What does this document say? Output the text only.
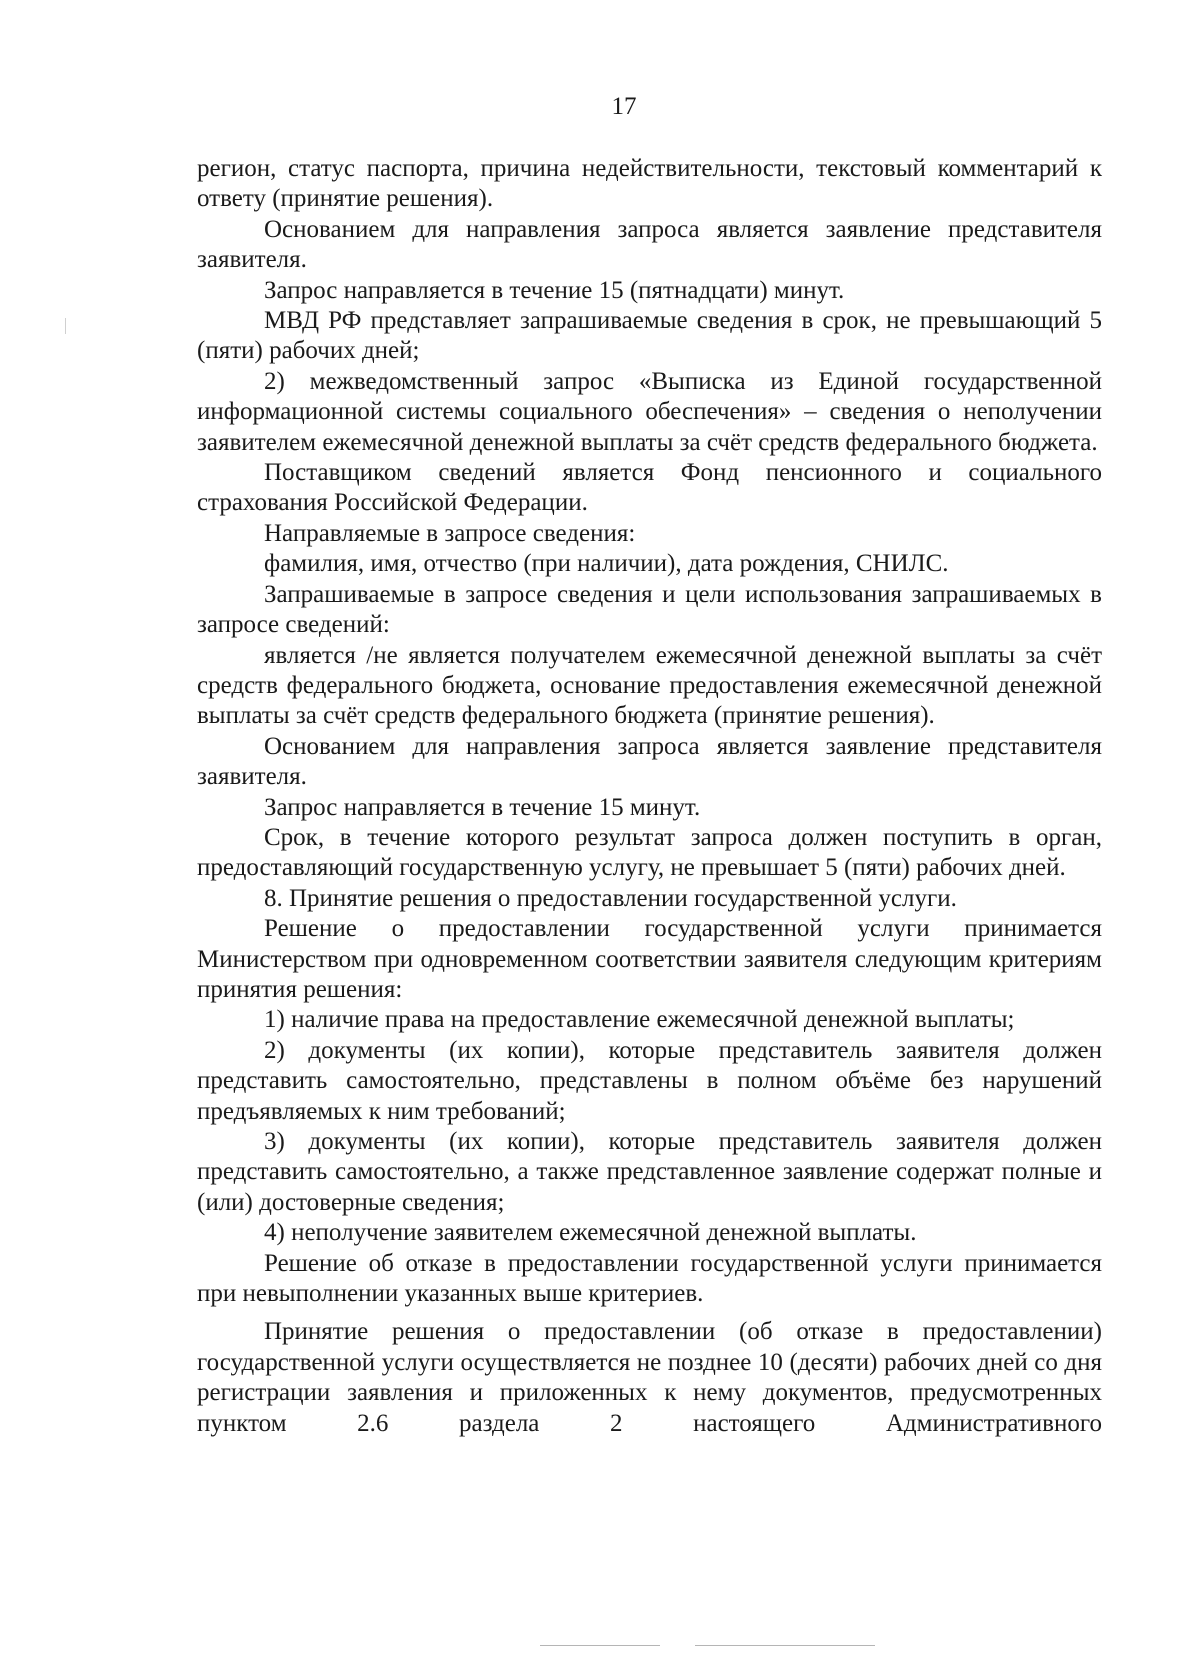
17

регион, статус паспорта, причина недействительности, текстовый комментарий к ответу (принятие решения).

Основанием для направления запроса является заявление представителя заявителя.

Запрос направляется в течение 15 (пятнадцати) минут.

МВД РФ представляет запрашиваемые сведения в срок, не превышающий 5 (пяти) рабочих дней;

2) межведомственный запрос «Выписка из Единой государственной информационной системы социального обеспечения» – сведения о неполучении заявителем ежемесячной денежной выплаты за счёт средств федерального бюджета.

Поставщиком сведений является Фонд пенсионного и социального страхования Российской Федерации.

Направляемые в запросе сведения:

фамилия, имя, отчество (при наличии), дата рождения, СНИЛС.

Запрашиваемые в запросе сведения и цели использования запрашиваемых в запросе сведений:

является /не является получателем ежемесячной денежной выплаты за счёт средств федерального бюджета, основание предоставления ежемесячной денежной выплаты за счёт средств федерального бюджета (принятие решения).

Основанием для направления запроса является заявление представителя заявителя.

Запрос направляется в течение 15 минут.

Срок, в течение которого результат запроса должен поступить в орган, предоставляющий государственную услугу, не превышает 5 (пяти) рабочих дней.

8. Принятие решения о предоставлении государственной услуги.

Решение о предоставлении государственной услуги принимается Министерством при одновременном соответствии заявителя следующим критериям принятия решения:

1) наличие права на предоставление ежемесячной денежной выплаты;

2) документы (их копии), которые представитель заявителя должен представить самостоятельно, представлены в полном объёме без нарушений предъявляемых к ним требований;

3) документы (их копии), которые представитель заявителя должен представить самостоятельно, а также представленное заявление содержат полные и (или) достоверные сведения;

4) неполучение заявителем ежемесячной денежной выплаты.

Решение об отказе в предоставлении государственной услуги принимается при невыполнении указанных выше критериев.

Принятие решения о предоставлении (об отказе в предоставлении) государственной услуги осуществляется не позднее 10 (десяти) рабочих дней со дня регистрации заявления и приложенных к нему документов, предусмотренных пунктом 2.6 раздела 2 настоящего Административного
